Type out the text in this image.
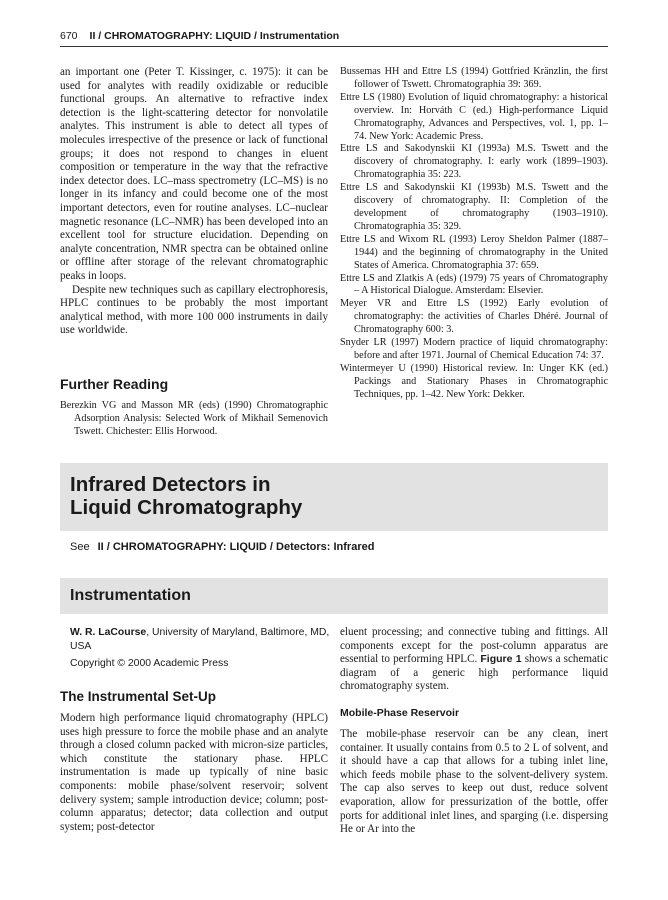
670 II / CHROMATOGRAPHY: LIQUID / Instrumentation

an important one (Peter T. Kissinger, c. 1975): it can be used for analytes with readily oxidizable or reducible functional groups. An alternative to refractive index detection is the light-scattering detector for nonvolatile analytes. This instrument is able to detect all types of molecules irrespective of the presence or lack of functional groups; it does not respond to changes in eluent composition or temperature in the way that the refractive index detector does. LC–mass spectrometry (LC–MS) is no longer in its infancy and could become one of the most important detectors, even for routine analyses. LC–nuclear magnetic resonance (LC–NMR) has been developed into an excellent tool for structure elucidation. Depending on analyte concentration, NMR spectra can be obtained online or offline after storage of the relevant chromatographic peaks in loops.

Despite new techniques such as capillary electrophoresis, HPLC continues to be probably the most important analytical method, with more 100 000 instruments in daily use worldwide.

Further Reading
Berezkin VG and Masson MR (eds) (1990) Chromatographic Adsorption Analysis: Selected Work of Mikhail Semenovich Tswett. Chichester: Ellis Horwood.

Bussemas HH and Ettre LS (1994) Gottfried Kränzlin, the first follower of Tswett. Chromatographia 39: 369.

Ettre LS (1980) Evolution of liquid chromatography: a historical overview. In: Horváth C (ed.) High-performance Liquid Chromatography, Advances and Perspectives, vol. 1, pp. 1–74. New York: Academic Press.

Ettre LS and Sakodynskii KI (1993a) M.S. Tswett and the discovery of chromatography. I: early work (1899–1903). Chromatographia 35: 223.

Ettre LS and Sakodynskii KI (1993b) M.S. Tswett and the discovery of chromatography. II: Completion of the development of chromatography (1903–1910). Chromatographia 35: 329.

Ettre LS and Wixom RL (1993) Leroy Sheldon Palmer (1887–1944) and the beginning of chromatography in the United States of America. Chromatographia 37: 659.

Ettre LS and Zlatkis A (eds) (1979) 75 years of Chromatography – A Historical Dialogue. Amsterdam: Elsevier.

Meyer VR and Ettre LS (1992) Early evolution of chromatography: the activities of Charles Dhéré. Journal of Chromatography 600: 3.

Snyder LR (1997) Modern practice of liquid chromatography: before and after 1971. Journal of Chemical Education 74: 37.

Wintermeyer U (1990) Historical review. In: Unger KK (ed.) Packings and Stationary Phases in Chromatographic Techniques, pp. 1–42. New York: Dekker.

Infrared Detectors in
Liquid Chromatography
See II / CHROMATOGRAPHY: LIQUID / Detectors: Infrared
Instrumentation
W. R. LaCourse, University of Maryland, Baltimore, MD, USA
Copyright © 2000 Academic Press
The Instrumental Set-Up

Modern high performance liquid chromatography (HPLC) uses high pressure to force the mobile phase and an analyte through a closed column packed with micron-size particles, which constitute the stationary phase. HPLC instrumentation is made up typically of nine basic components: mobile phase/solvent reservoir; solvent delivery system; sample introduction device; column; post-column apparatus; detector; data collection and output system; post-detector

eluent processing; and connective tubing and fittings. All components except for the post-column apparatus are essential to performing HPLC. Figure 1 shows a schematic diagram of a generic high performance liquid chromatography system.

Mobile-Phase Reservoir

The mobile-phase reservoir can be any clean, inert container. It usually contains from 0.5 to 2 L of solvent, and it should have a cap that allows for a tubing inlet line, which feeds mobile phase to the solvent-delivery system. The cap also serves to keep out dust, reduce solvent evaporation, allow for pressurization of the bottle, offer ports for additional inlet lines, and sparging (i.e. dispersing He or Ar into the
